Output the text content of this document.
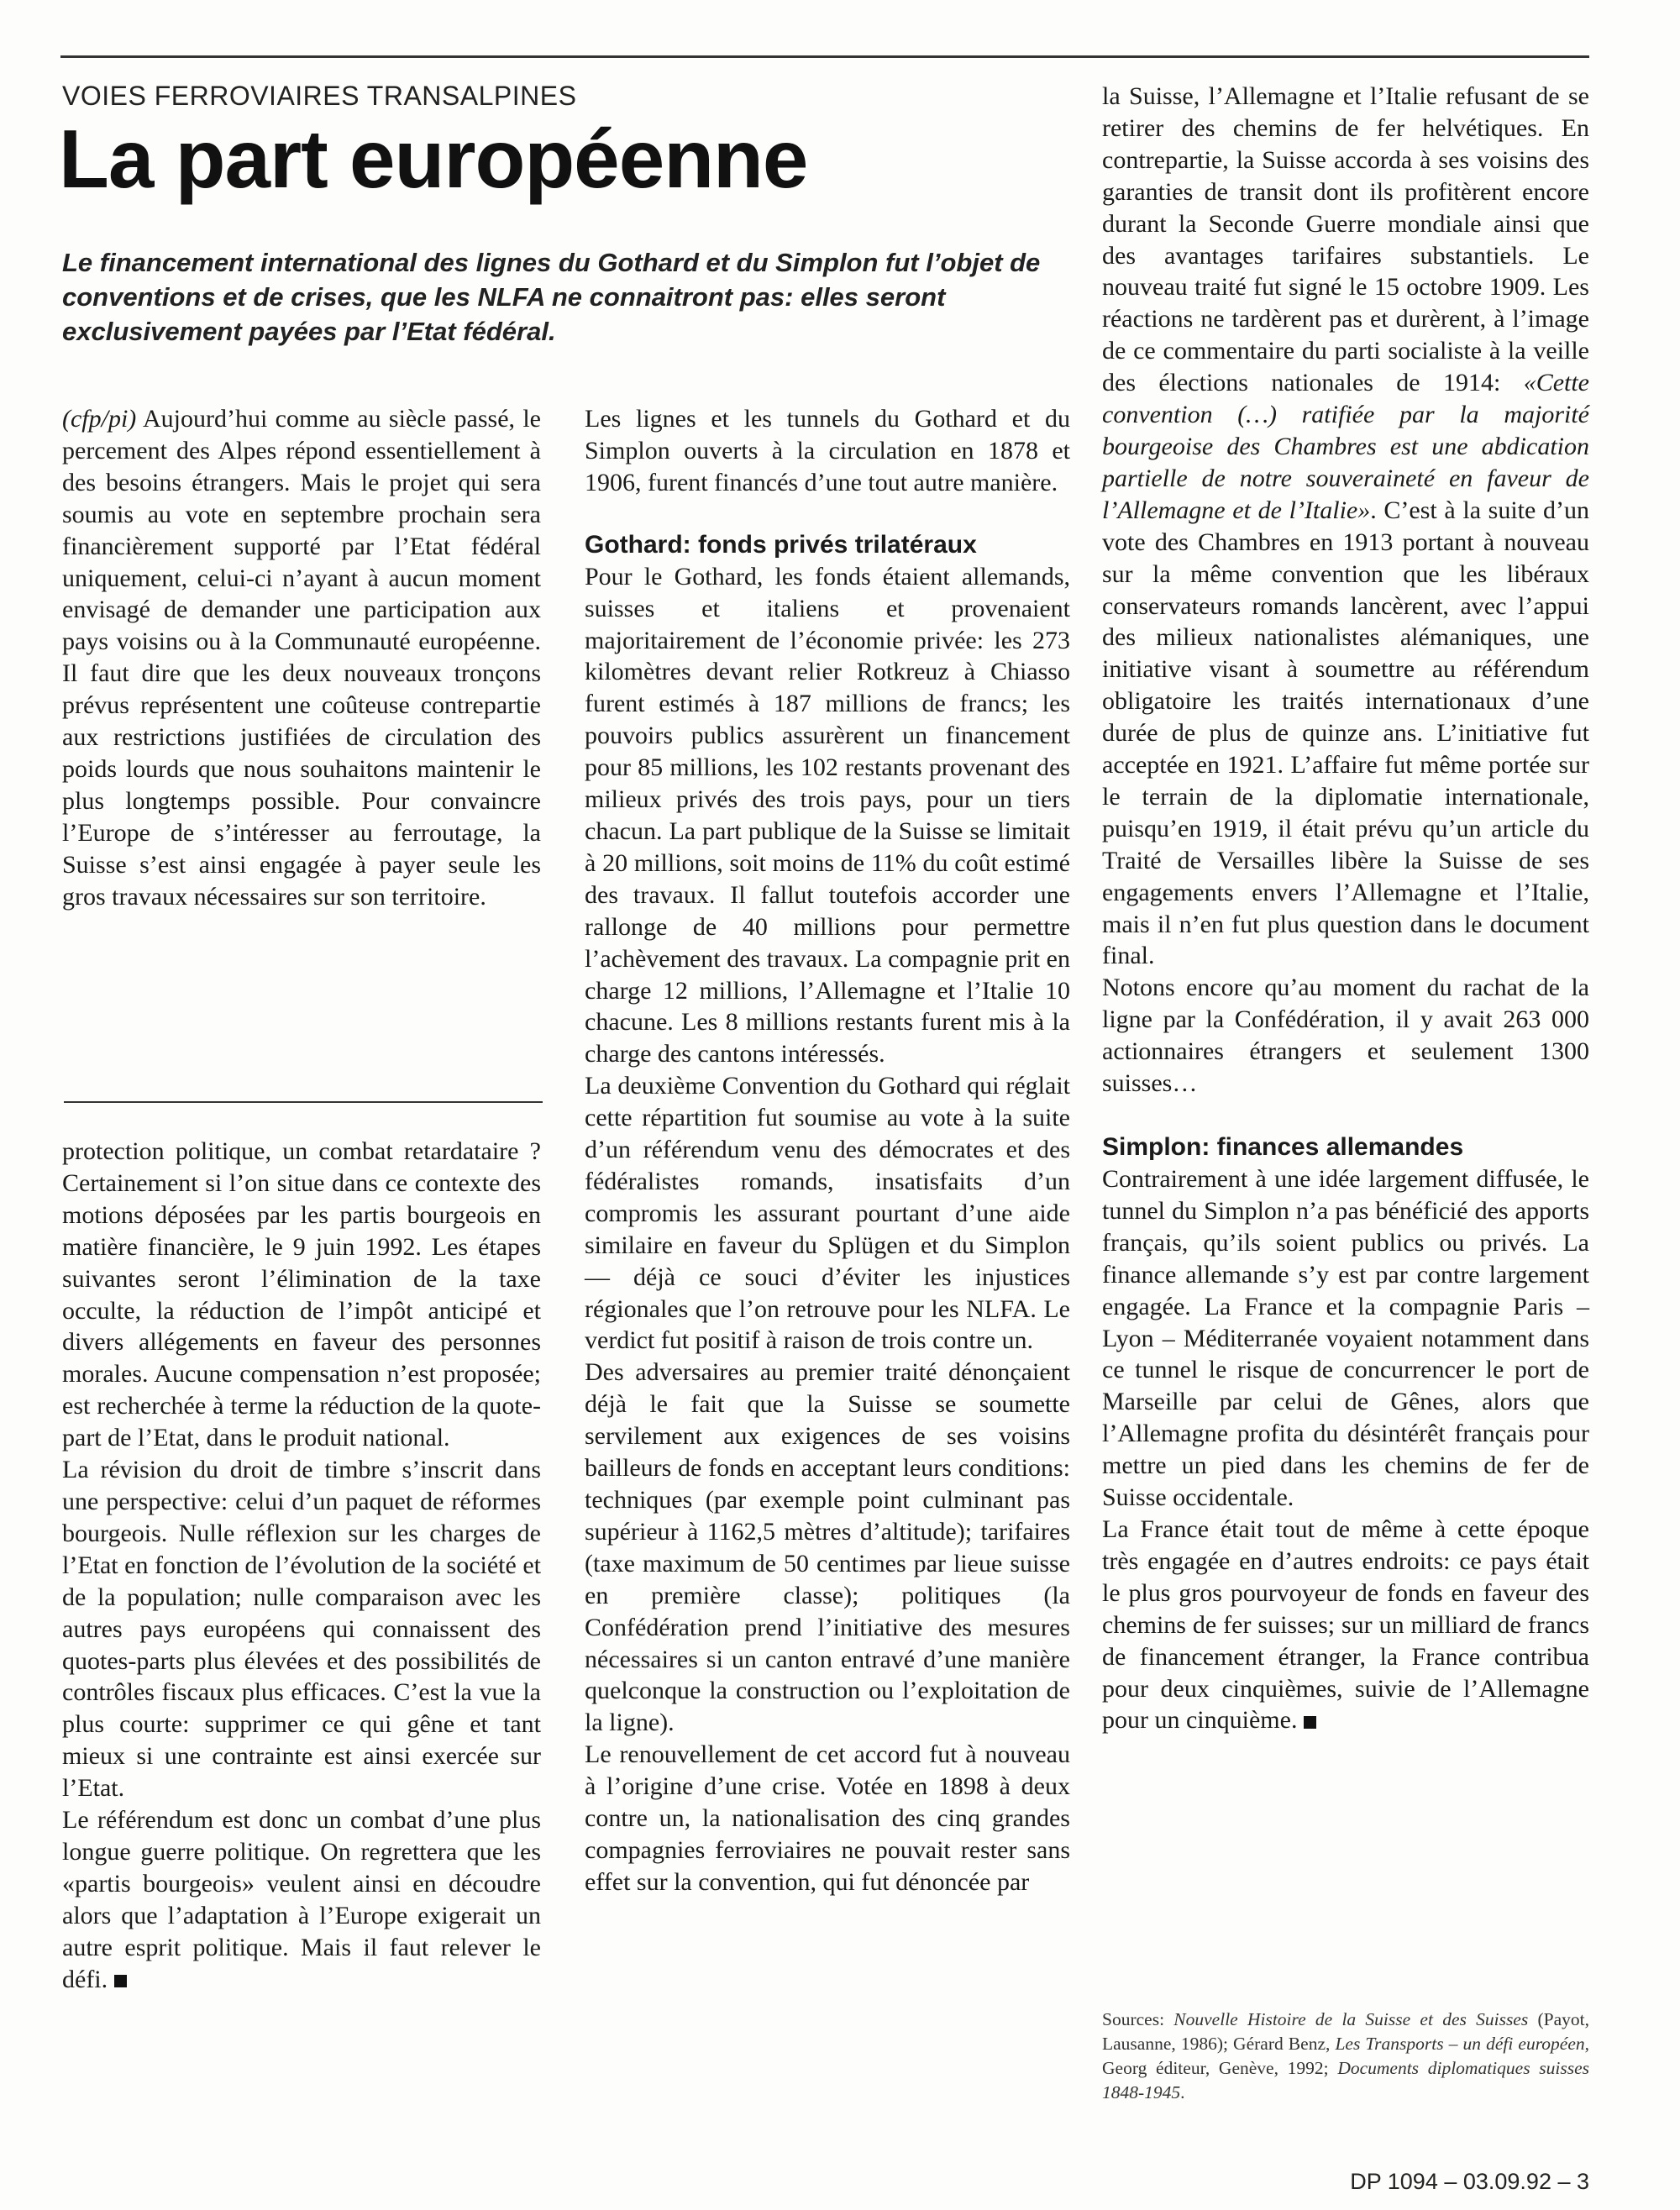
VOIES FERROVIAIRES TRANSALPINES
La part européenne

Le financement international des lignes du Gothard et du Simplon fut l’objet de conventions et de crises, que les NLFA ne connaitront pas: elles seront exclusivement payées par l’Etat fédéral.

(cfp/pi) Aujourd’hui comme au siècle passé, le percement des Alpes répond essentiellement à des besoins étrangers. Mais le projet qui sera soumis au vote en septembre prochain sera financièrement supporté par l’Etat fédéral uniquement, celui-ci n’ayant à aucun moment envisagé de demander une participation aux pays voisins ou à la Communauté européenne. Il faut dire que les deux nouveaux tronçons prévus représentent une coûteuse contrepartie aux restrictions justifiées de circulation des poids lourds que nous souhaitons maintenir le plus longtemps possible. Pour convaincre l’Europe de s’intéresser au ferroutage, la Suisse s’est ainsi engagée à payer seule les gros travaux nécessaires sur son territoire.

protection politique, un combat retardataire ? Certainement si l’on situe dans ce contexte des motions déposées par les partis bourgeois en matière financière, le 9 juin 1992. Les étapes suivantes seront l’élimination de la taxe occulte, la réduction de l’impôt anticipé et divers allégements en faveur des personnes morales. Aucune compensation n’est proposée; est recherchée à terme la réduction de la quote-part de l’Etat, dans le produit national.

La révision du droit de timbre s’inscrit dans une perspective: celui d’un paquet de réformes bourgeois. Nulle réflexion sur les charges de l’Etat en fonction de l’évolution de la société et de la population; nulle comparaison avec les autres pays européens qui connaissent des quotes-parts plus élevées et des possibilités de contrôles fiscaux plus efficaces. C’est la vue la plus courte: supprimer ce qui gêne et tant mieux si une contrainte est ainsi exercée sur l’Etat.

Le référendum est donc un combat d’une plus longue guerre politique. On regrettera que les «partis bourgeois» veulent ainsi en découdre alors que l’adaptation à l’Europe exigerait un autre esprit politique. Mais il faut relever le défi.

Les lignes et les tunnels du Gothard et du Simplon ouverts à la circulation en 1878 et 1906, furent financés d’une tout autre manière.

Gothard: fonds privés trilatéraux

Pour le Gothard, les fonds étaient allemands, suisses et italiens et provenaient majoritairement de l’économie privée: les 273 kilomètres devant relier Rotkreuz à Chiasso furent estimés à 187 millions de francs; les pouvoirs publics assurèrent un financement pour 85 millions, les 102 restants provenant des milieux privés des trois pays, pour un tiers chacun. La part publique de la Suisse se limitait à 20 millions, soit moins de 11% du coût estimé des travaux. Il fallut toutefois accorder une rallonge de 40 millions pour permettre l’achèvement des travaux. La compagnie prit en charge 12 millions, l’Allemagne et l’Italie 10 chacune. Les 8 millions restants furent mis à la charge des cantons intéressés.

La deuxième Convention du Gothard qui réglait cette répartition fut soumise au vote à la suite d’un référendum venu des démocrates et des fédéralistes romands, insatisfaits d’un compromis les assurant pourtant d’une aide similaire en faveur du Splügen et du Simplon — déjà ce souci d’éviter les injustices régionales que l’on retrouve pour les NLFA. Le verdict fut positif à raison de trois contre un.

Des adversaires au premier traité dénonçaient déjà le fait que la Suisse se soumette servilement aux exigences de ses voisins bailleurs de fonds en acceptant leurs conditions: techniques (par exemple point culminant pas supérieur à 1162,5 mètres d’altitude); tarifaires (taxe maximum de 50 centimes par lieue suisse en première classe); politiques (la Confédération prend l’initiative des mesures nécessaires si un canton entravé d’une manière quelconque la construction ou l’exploitation de la ligne).

Le renouvellement de cet accord fut à nouveau à l’origine d’une crise. Votée en 1898 à deux contre un, la nationalisation des cinq grandes compagnies ferroviaires ne pouvait rester sans effet sur la convention, qui fut dénoncée par

la Suisse, l’Allemagne et l’Italie refusant de se retirer des chemins de fer helvétiques. En contrepartie, la Suisse accorda à ses voisins des garanties de transit dont ils profitèrent encore durant la Seconde Guerre mondiale ainsi que des avantages tarifaires substantiels. Le nouveau traité fut signé le 15 octobre 1909. Les réactions ne tardèrent pas et durèrent, à l’image de ce commentaire du parti socialiste à la veille des élections nationales de 1914: «Cette convention (…) ratifiée par la majorité bourgeoise des Chambres est une abdication partielle de notre souveraineté en faveur de l’Allemagne et de l’Italie». C’est à la suite d’un vote des Chambres en 1913 portant à nouveau sur la même convention que les libéraux conservateurs romands lancèrent, avec l’appui des milieux nationalistes alémaniques, une initiative visant à soumettre au référendum obligatoire les traités internationaux d’une durée de plus de quinze ans. L’initiative fut acceptée en 1921. L’affaire fut même portée sur le terrain de la diplomatie internationale, puisqu’en 1919, il était prévu qu’un article du Traité de Versailles libère la Suisse de ses engagements envers l’Allemagne et l’Italie, mais il n’en fut plus question dans le document final.

Notons encore qu’au moment du rachat de la ligne par la Confédération, il y avait 263 000 actionnaires étrangers et seulement 1300 suisses…

Simplon: finances allemandes

Contrairement à une idée largement diffusée, le tunnel du Simplon n’a pas bénéficié des apports français, qu’ils soient publics ou privés. La finance allemande s’y est par contre largement engagée. La France et la compagnie Paris – Lyon – Méditerranée voyaient notamment dans ce tunnel le risque de concurrencer le port de Marseille par celui de Gênes, alors que l’Allemagne profita du désintérêt français pour mettre un pied dans les chemins de fer de Suisse occidentale.

La France était tout de même à cette époque très engagée en d’autres endroits: ce pays était le plus gros pourvoyeur de fonds en faveur des chemins de fer suisses; sur un milliard de francs de financement étranger, la France contribua pour deux cinquièmes, suivie de l’Allemagne pour un cinquième.

Sources: Nouvelle Histoire de la Suisse et des Suisses (Payot, Lausanne, 1986); Gérard Benz, Les Transports – un défi européen, Georg éditeur, Genève, 1992; Documents diplomatiques suisses 1848-1945.

DP 1094 – 03.09.92 – 3
